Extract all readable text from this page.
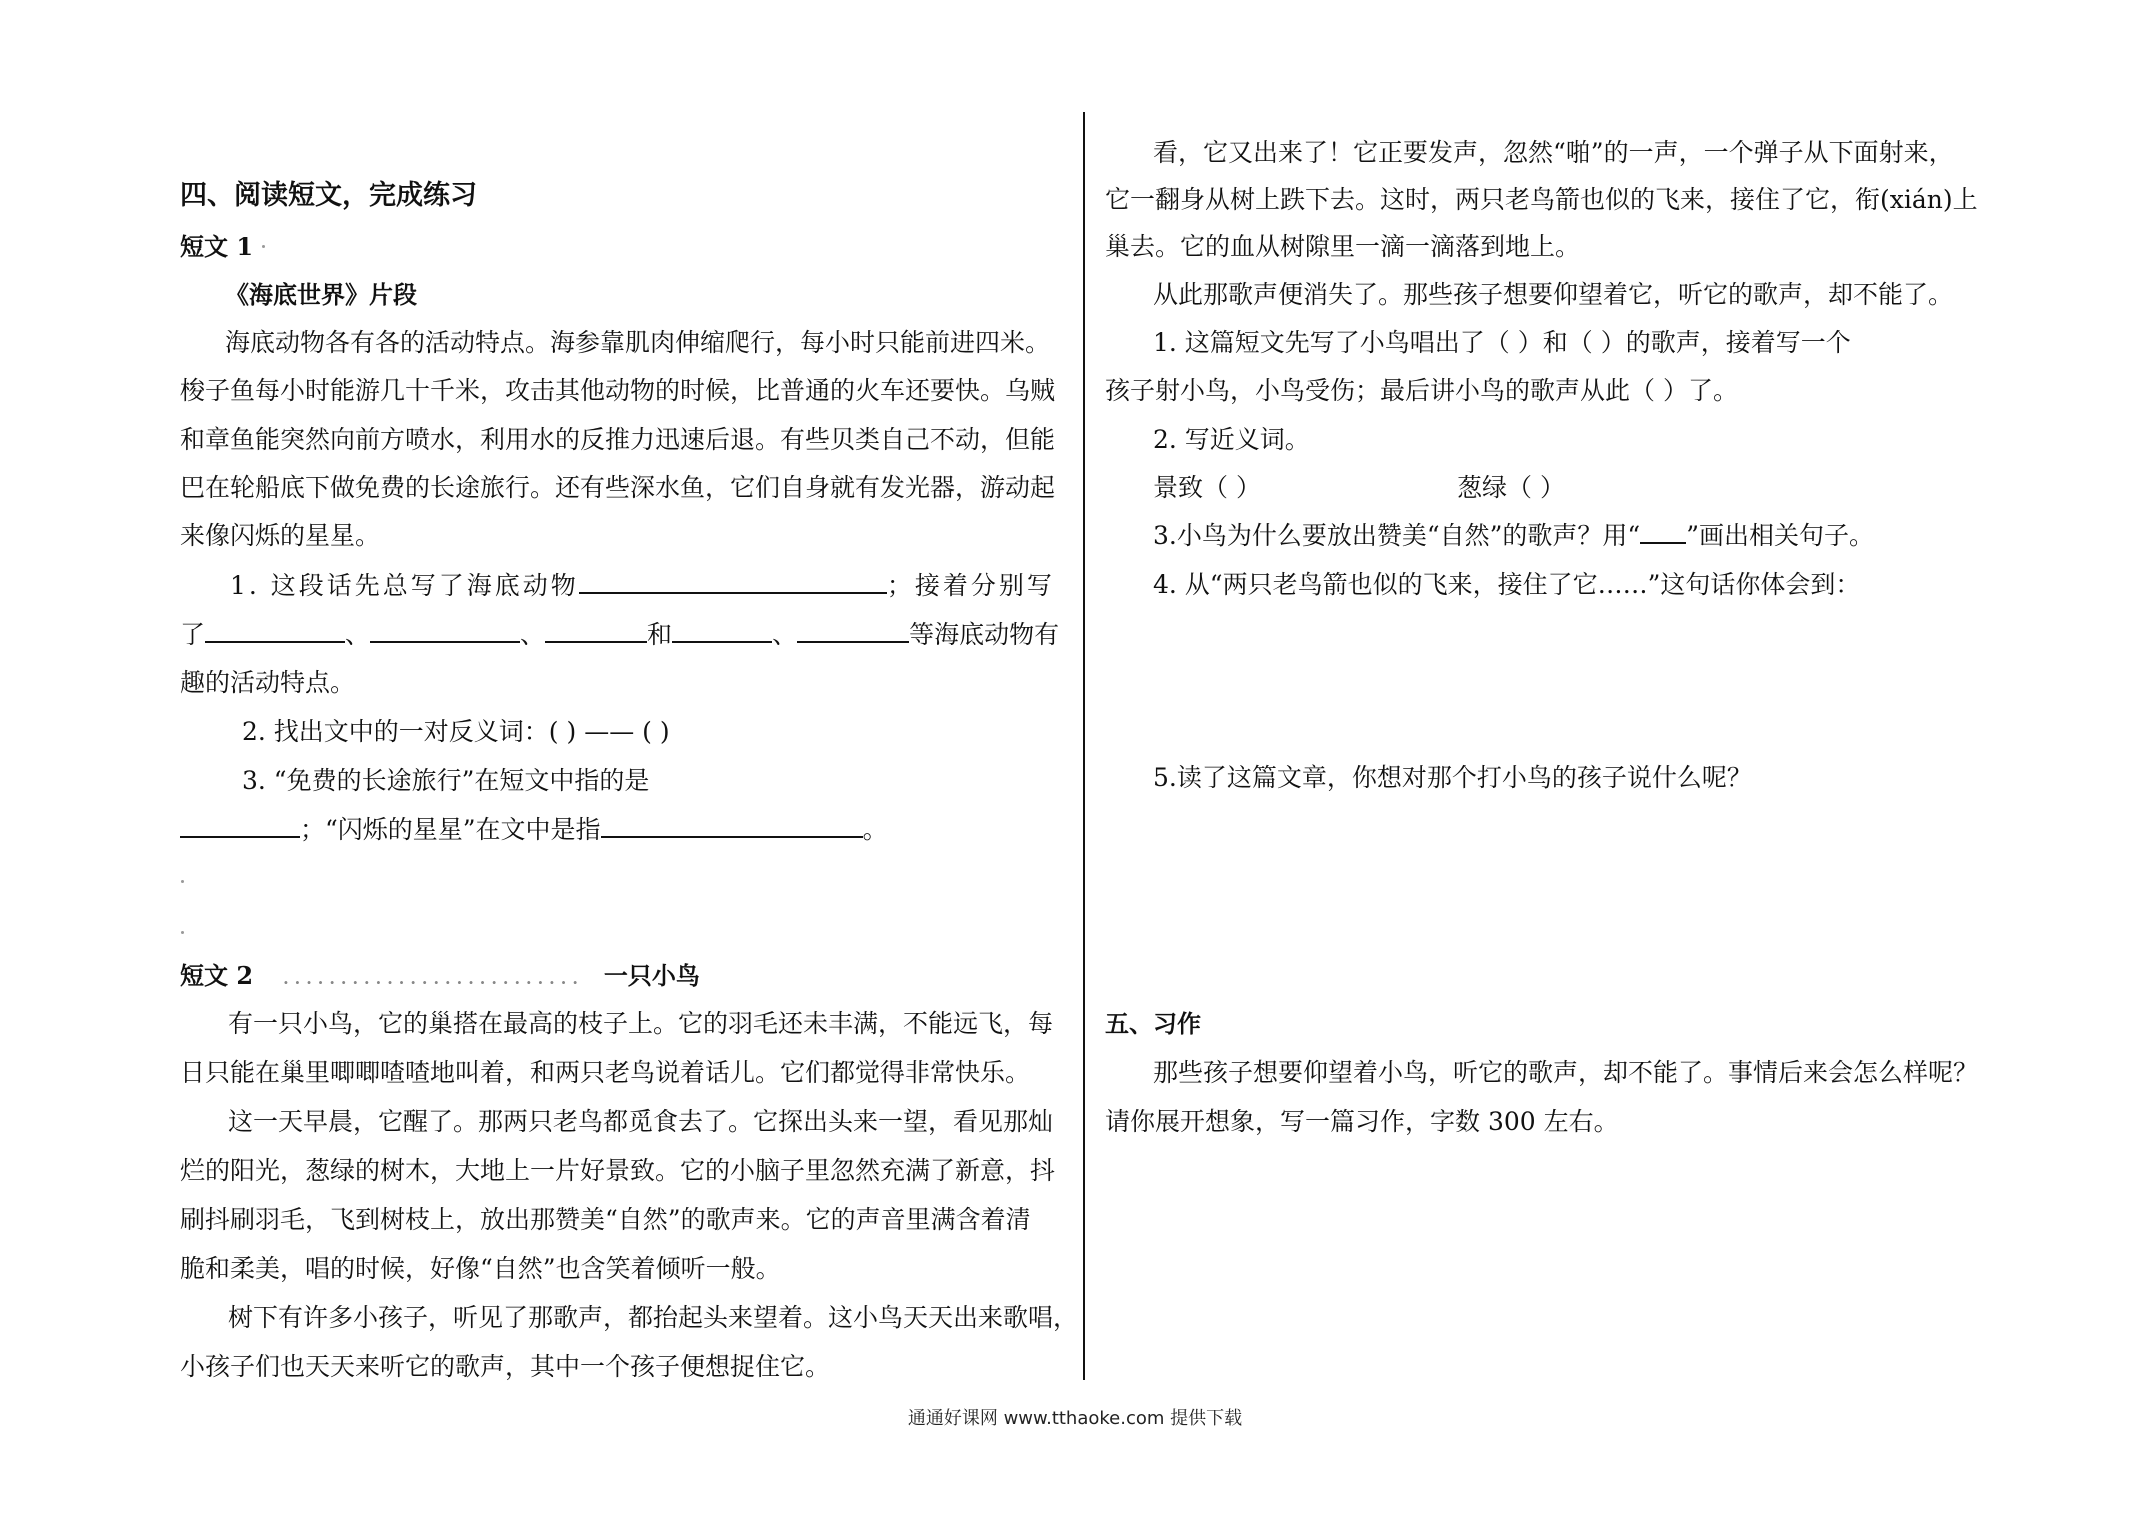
四、阅读短文，完成练习
短文 1
《海底世界》片段
海底动物各有各的活动特点。海参靠肌肉伸缩爬行，每小时只能前进四米。
梭子鱼每小时能游几十千米，攻击其他动物的时候，比普通的火车还要快。乌贼
和章鱼能突然向前方喷水，利用水的反推力迅速后退。有些贝类自己不动，但能
巴在轮船底下做免费的长途旅行。还有些深水鱼，它们自身就有发光器，游动起
来像闪烁的星星。
1. 这段话先总写了海底动物	；接着分别写
了	、	、	和	、	等海底动物有
趣的活动特点。
2. 找出文中的一对反义词：( ) —— ( )
3. “免费的长途旅行”在短文中指的是
；“闪烁的星星”在文中是指	。
短文 2 .......................... 一只小鸟
有一只小鸟，它的巢搭在最高的枝子上。它的羽毛还未丰满，不能远飞，每
日只能在巢里唧唧喳喳地叫着，和两只老鸟说着话儿。它们都觉得非常快乐。
这一天早晨，它醒了。那两只老鸟都觅食去了。它探出头来一望，看见那灿
烂的阳光，葱绿的树木，大地上一片好景致。它的小脑子里忽然充满了新意，抖
刷抖刷羽毛，飞到树枝上，放出那赞美“自然”的歌声来。它的声音里满含着清
脆和柔美，唱的时候，好像“自然”也含笑着倾听一般。
树下有许多小孩子，听见了那歌声，都抬起头来望着。这小鸟天天出来歌唱，
小孩子们也天天来听它的歌声，其中一个孩子便想捉住它。
看，它又出来了！它正要发声，忽然“啪”的一声，一个弹子从下面射来，
它一翻身从树上跌下去。这时，两只老鸟箭也似的飞来，接住了它，衔(xián)上
巢去。它的血从树隙里一滴一滴落到地上。
从此那歌声便消失了。那些孩子想要仰望着它，听它的歌声，却不能了。
1. 这篇短文先写了小鸟唱出了（ ）和（ ）的歌声，接着写一个
孩子射小鸟，小鸟受伤；最后讲小鸟的歌声从此（ ）了。
2. 写近义词。
景致（ ）	葱绿（ ）
3.小鸟为什么要放出赞美“自然”的歌声？用“ ”画出相关句子。
4. 从“两只老鸟箭也似的飞来，接住了它……”这句话你体会到：
5.读了这篇文章，你想对那个打小鸟的孩子说什么呢？
五、习作
那些孩子想要仰望着小鸟，听它的歌声，却不能了。事情后来会怎么样呢？
请你展开想象，写一篇习作，字数 300 左右。
通通好课网 www.tthaoke.com 提供下载
